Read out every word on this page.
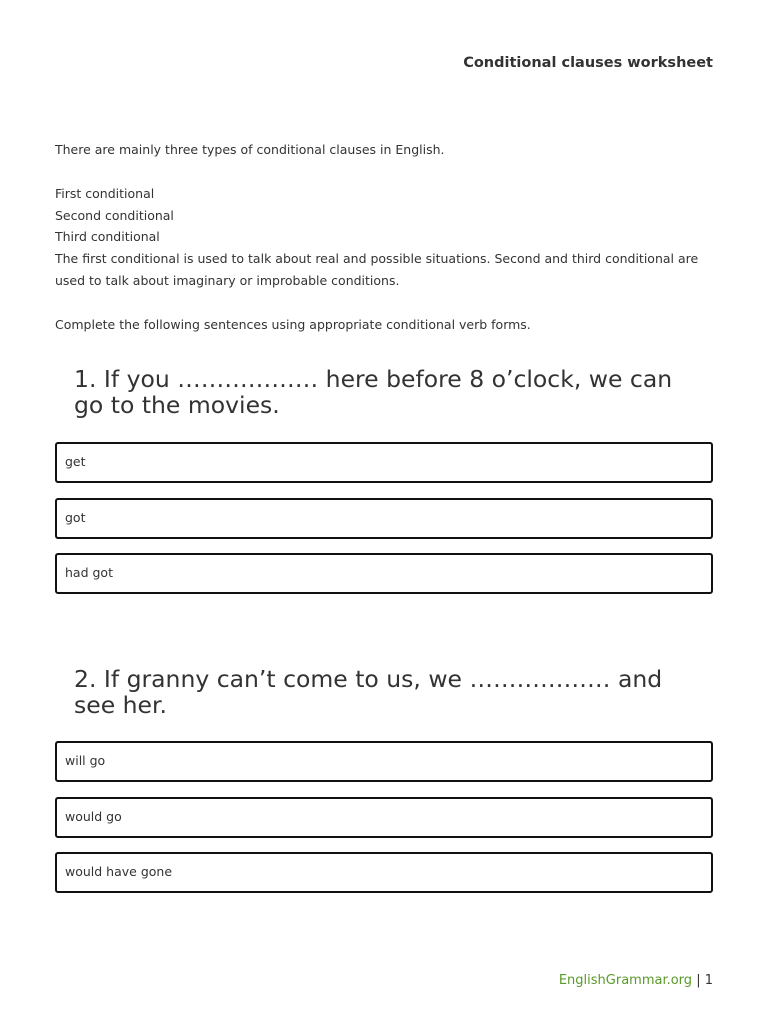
Conditional clauses worksheet

There are mainly three types of conditional clauses in English.

First conditional

Second conditional

Third conditional

The first conditional is used to talk about real and possible situations. Second and third conditional are used to talk about imaginary or improbable conditions.

Complete the following sentences using appropriate conditional verb forms.

1. If you ……………… here before 8 o’clock, we can go to the movies.
get
got
had got
2. If granny can’t come to us, we ……………… and see her.
will go
would go
would have gone
EnglishGrammar.org | 1
